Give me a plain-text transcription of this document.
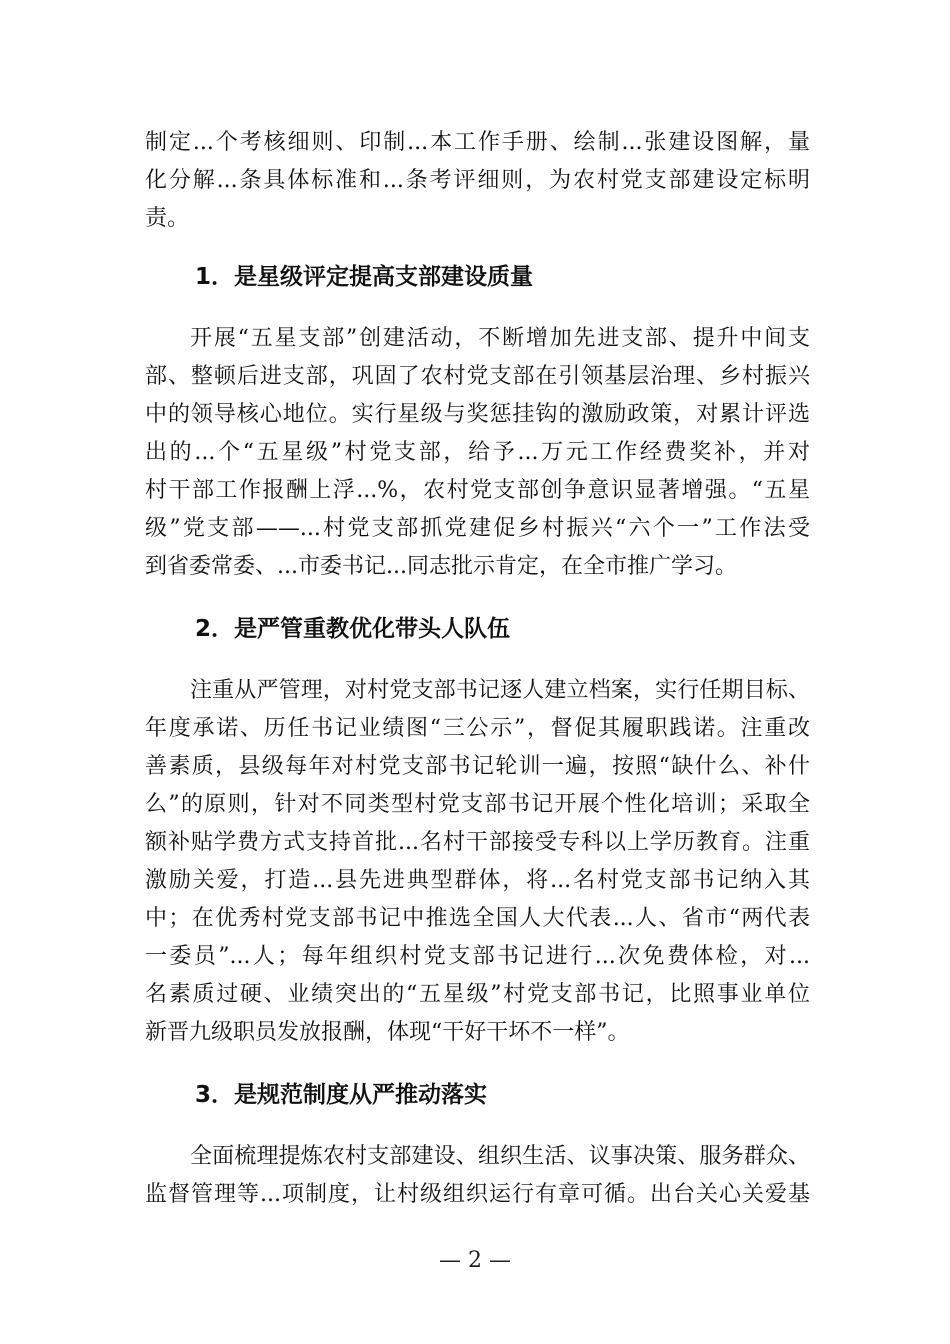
制定...个考核细则、印制...本工作手册、绘制...张建设图解，量
化分解...条具体标准和...条考评细则，为农村党支部建设定标明
责。
1．是星级评定提高支部建设质量
开展“五星支部”创建活动，不断增加先进支部、提升中间支
部、整顿后进支部，巩固了农村党支部在引领基层治理、乡村振兴
中的领导核心地位。实行星级与奖惩挂钩的激励政策，对累计评选
出的...个“五星级”村党支部，给予...万元工作经费奖补，并对
村干部工作报酬上浮...%，农村党支部创争意识显著增强。“五星
级”党支部——...村党支部抓党建促乡村振兴“六个一”工作法受
到省委常委、...市委书记...同志批示肯定，在全市推广学习。
2．是严管重教优化带头人队伍
注重从严管理，对村党支部书记逐人建立档案，实行任期目标、
年度承诺、历任书记业绩图“三公示”，督促其履职践诺。注重改
善素质，县级每年对村党支部书记轮训一遍，按照“缺什么、补什
么”的原则，针对不同类型村党支部书记开展个性化培训；采取全
额补贴学费方式支持首批...名村干部接受专科以上学历教育。注重
激励关爱，打造...县先进典型群体，将...名村党支部书记纳入其
中；在优秀村党支部书记中推选全国人大代表...人、省市“两代表
一委员”...人；每年组织村党支部书记进行...次免费体检，对...
名素质过硬、业绩突出的“五星级”村党支部书记，比照事业单位
新晋九级职员发放报酬，体现“干好干坏不一样”。
3．是规范制度从严推动落实
全面梳理提炼农村支部建设、组织生活、议事决策、服务群众、
监督管理等...项制度，让村级组织运行有章可循。出台关心关爱基
— 2 —
